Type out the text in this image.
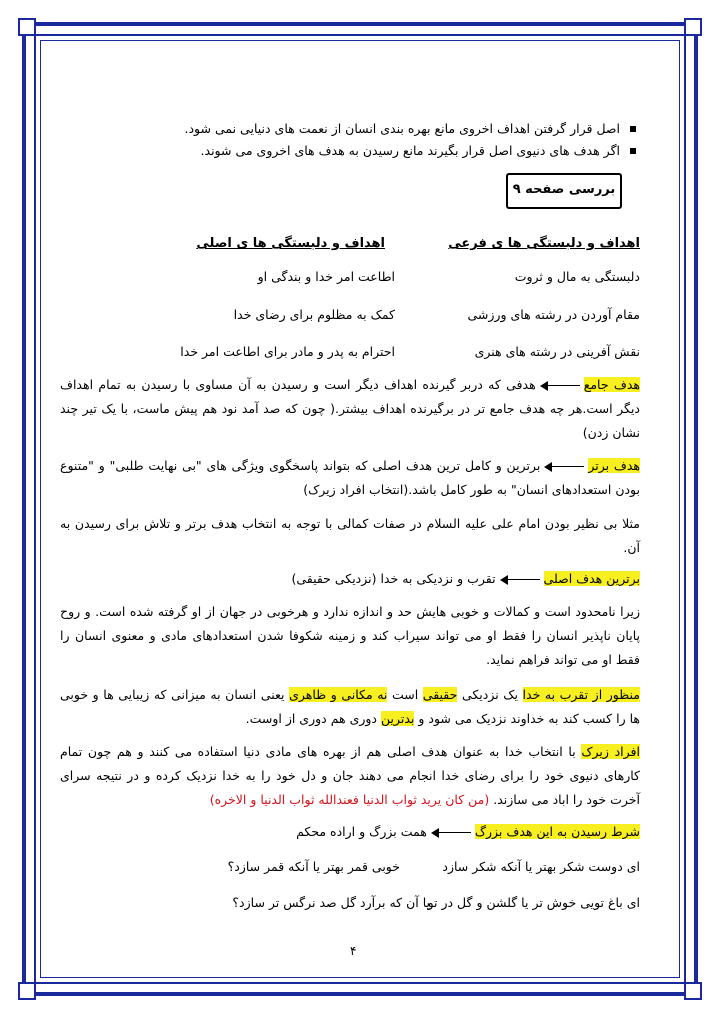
اصل قرار گرفتن اهداف اخروی مانع بهره بندی انسان از نعمت های دنیایی نمی شود.
اگر هدف های دنیوی اصل قرار بگیرند مانع رسیدن به هدف های اخروی می شوند.
بررسی صفحه ۹
اهداف و دلبستگی ها ی فرعی
اهداف و دلبستگی ها ی اصلی
دلبستگی به مال و ثروت
اطاعت امر خدا و بندگی او
مقام آوردن در رشته های ورزشی
کمک به مظلوم برای رضای خدا
نقش آفرینی در رشته های هنری
احترام به پدر و مادر برای اطاعت امر خدا
هدف جامعهدفی که دربر گیرنده اهداف دیگر است و رسیدن به آن مساوی با رسیدن به تمام اهداف دیگر است.هر چه هدف جامع تر در برگیرنده اهداف بیشتر.( چون که صد آمد نود هم پیش ماست، با یک تیر چند نشان زدن)
هدف برتربرترین و کامل ترین هدف اصلی که بتواند پاسخگوی ویژگی های "بی نهایت طلبی" و "متنوع بودن استعدادهای انسان" به طور کامل باشد.(انتخاب افراد زیرک)
مثلا بی نظیر بودن امام علی علیه السلام در صفات کمالی با توجه به انتخاب هدف برتر و تلاش برای رسیدن به آن.
برترین هدف اصلیتقرب و نزدیکی به خدا (نزدیکی حقیقی)
زیرا نامحدود است و کمالات و خوبی هایش حد و اندازه ندارد و هرخوبی در جهان از او گرفته شده است. و روح پایان ناپذیر انسان را فقط او می تواند سیراب کند و زمینه شکوفا شدن استعدادهای مادی و معنوی انسان را فقط او می تواند فراهم نماید.
منظور از تقرب به خدا یک نزدیکی حقیقی است نه مکانی و ظاهری یعنی انسان به میزانی که زیبایی ها و خوبی ها را کسب کند به خداوند نزدیک می شود و بدترین دوری هم دوری از اوست.
افراد زیرک با انتخاب خدا به عنوان هدف اصلی هم از بهره های مادی دنیا استفاده می کنند و هم چون تمام کارهای دنیوی خود را برای رضای خدا انجام می دهند جان و دل خود را به خدا نزدیک کرده و در نتیجه سرای آخرت خود را اباد می سازند. (من کان یرید ثواب الدنیا فعندالله ثواب الدنیا و الاخره)
شرط رسیدن به این هدف بزرگهمت بزرگ و اراده محکم
ای دوست شکر بهتر یا آنکه شکر سازد
خوبی قمر بهتر یا آنکه قمر سازد؟
ای باغ تویی خوش تر یا گلشن و گل در تو
یا آن که برآرد گل صد نرگس تر سازد؟
۴
